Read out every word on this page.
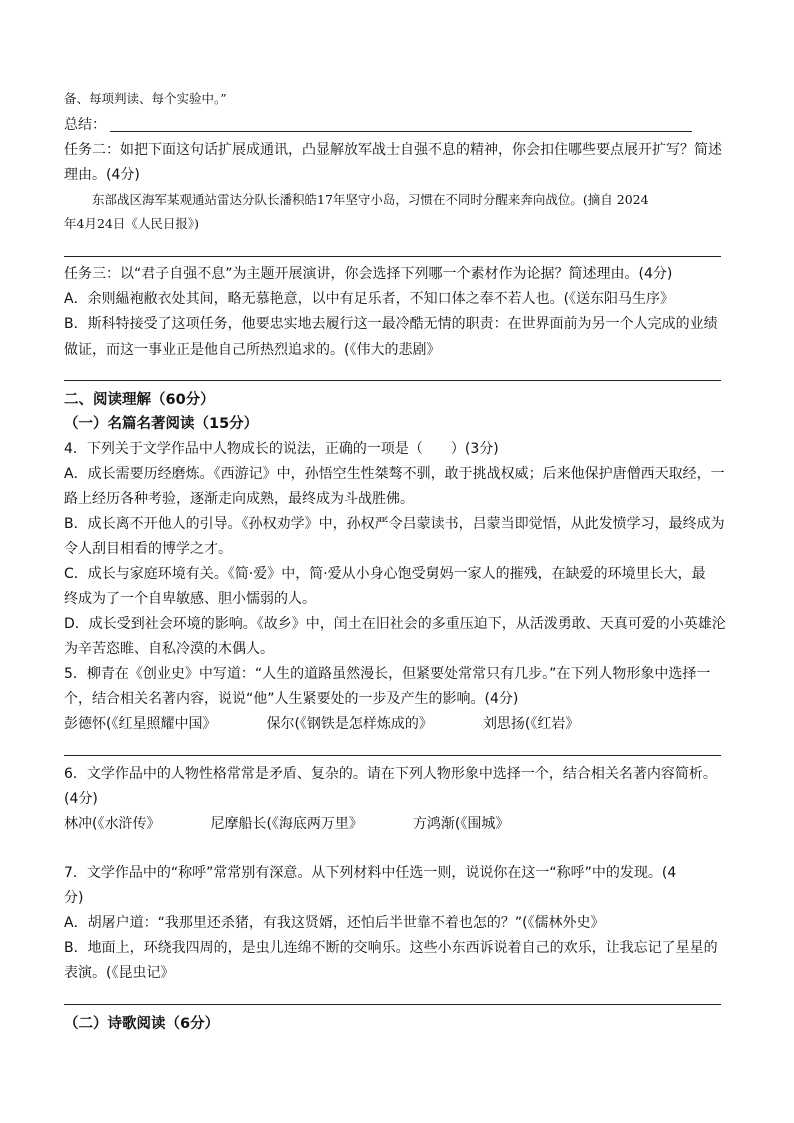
备、每项判读、每个实验中。”
总结：
任务二：如把下面这句话扩展成通讯，凸显解放军战士自强不息的精神，你会扣住哪些要点展开扩写？简述
理由。(4分)
东部战区海军某观通站雷达分队长潘积皓17年坚守小岛，习惯在不同时分醒来奔向战位。(摘自 2024
年4月24日《人民日报》)
任务三：以“君子自强不息”为主题开展演讲，你会选择下列哪一个素材作为论据？简述理由。(4分)
A．余则緼袍敝衣处其间，略无慕艳意，以中有足乐者，不知口体之奉不若人也。(《送东阳马生序》
B．斯科特接受了这项任务，他要忠实地去履行这一最冷酷无情的职责：在世界面前为另一个人完成的业绩
做证，而这一事业正是他自己所热烈追求的。(《伟大的悲剧》
二、阅读理解（60分）
（一）名篇名著阅读（15分）
4．下列关于文学作品中人物成长的说法，正确的一项是（　　）(3分)
A．成长需要历经磨炼。《西游记》中，孙悟空生性桀骜不驯，敢于挑战权威；后来他保护唐僧西天取经，一
路上经历各种考验，逐渐走向成熟，最终成为斗战胜佛。
B．成长离不开他人的引导。《孙权劝学》中，孙权严令吕蒙读书，吕蒙当即觉悟，从此发愤学习，最终成为
令人刮目相看的博学之才。
C．成长与家庭环境有关。《简·爱》中，简·爱从小身心饱受舅妈一家人的摧残，在缺爱的环境里长大，最
终成为了一个自卑敏感、胆小懦弱的人。
D．成长受到社会环境的影响。《故乡》中，闰土在旧社会的多重压迫下，从活泼勇敢、天真可爱的小英雄沦
为辛苦恣睢、自私冷漠的木偶人。
5．柳青在《创业史》中写道：“人生的道路虽然漫长，但紧要处常常只有几步。”在下列人物形象中选择一
个，结合相关名著内容，说说“他”人生紧要处的一步及产生的影响。(4分)
彭德怀(《红星照耀中国》	保尔(《钢铁是怎样炼成的》	刘思扬(《红岩》
6．文学作品中的人物性格常常是矛盾、复杂的。请在下列人物形象中选择一个，结合相关名著内容简析。
(4分)
林冲(《水浒传》	尼摩船长(《海底两万里》	方鸿渐(《围城》
7．文学作品中的“称呼”常常别有深意。从下列材料中任选一则，说说你在这一“称呼”中的发现。(4
分)
A．胡屠户道：“我那里还杀猪，有我这贤婿，还怕后半世靠不着也怎的？”(《儒林外史》
B．地面上，环绕我四周的，是虫儿连绵不断的交响乐。这些小东西诉说着自己的欢乐，让我忘记了星星的
表演。(《昆虫记》
（二）诗歌阅读（6分）
